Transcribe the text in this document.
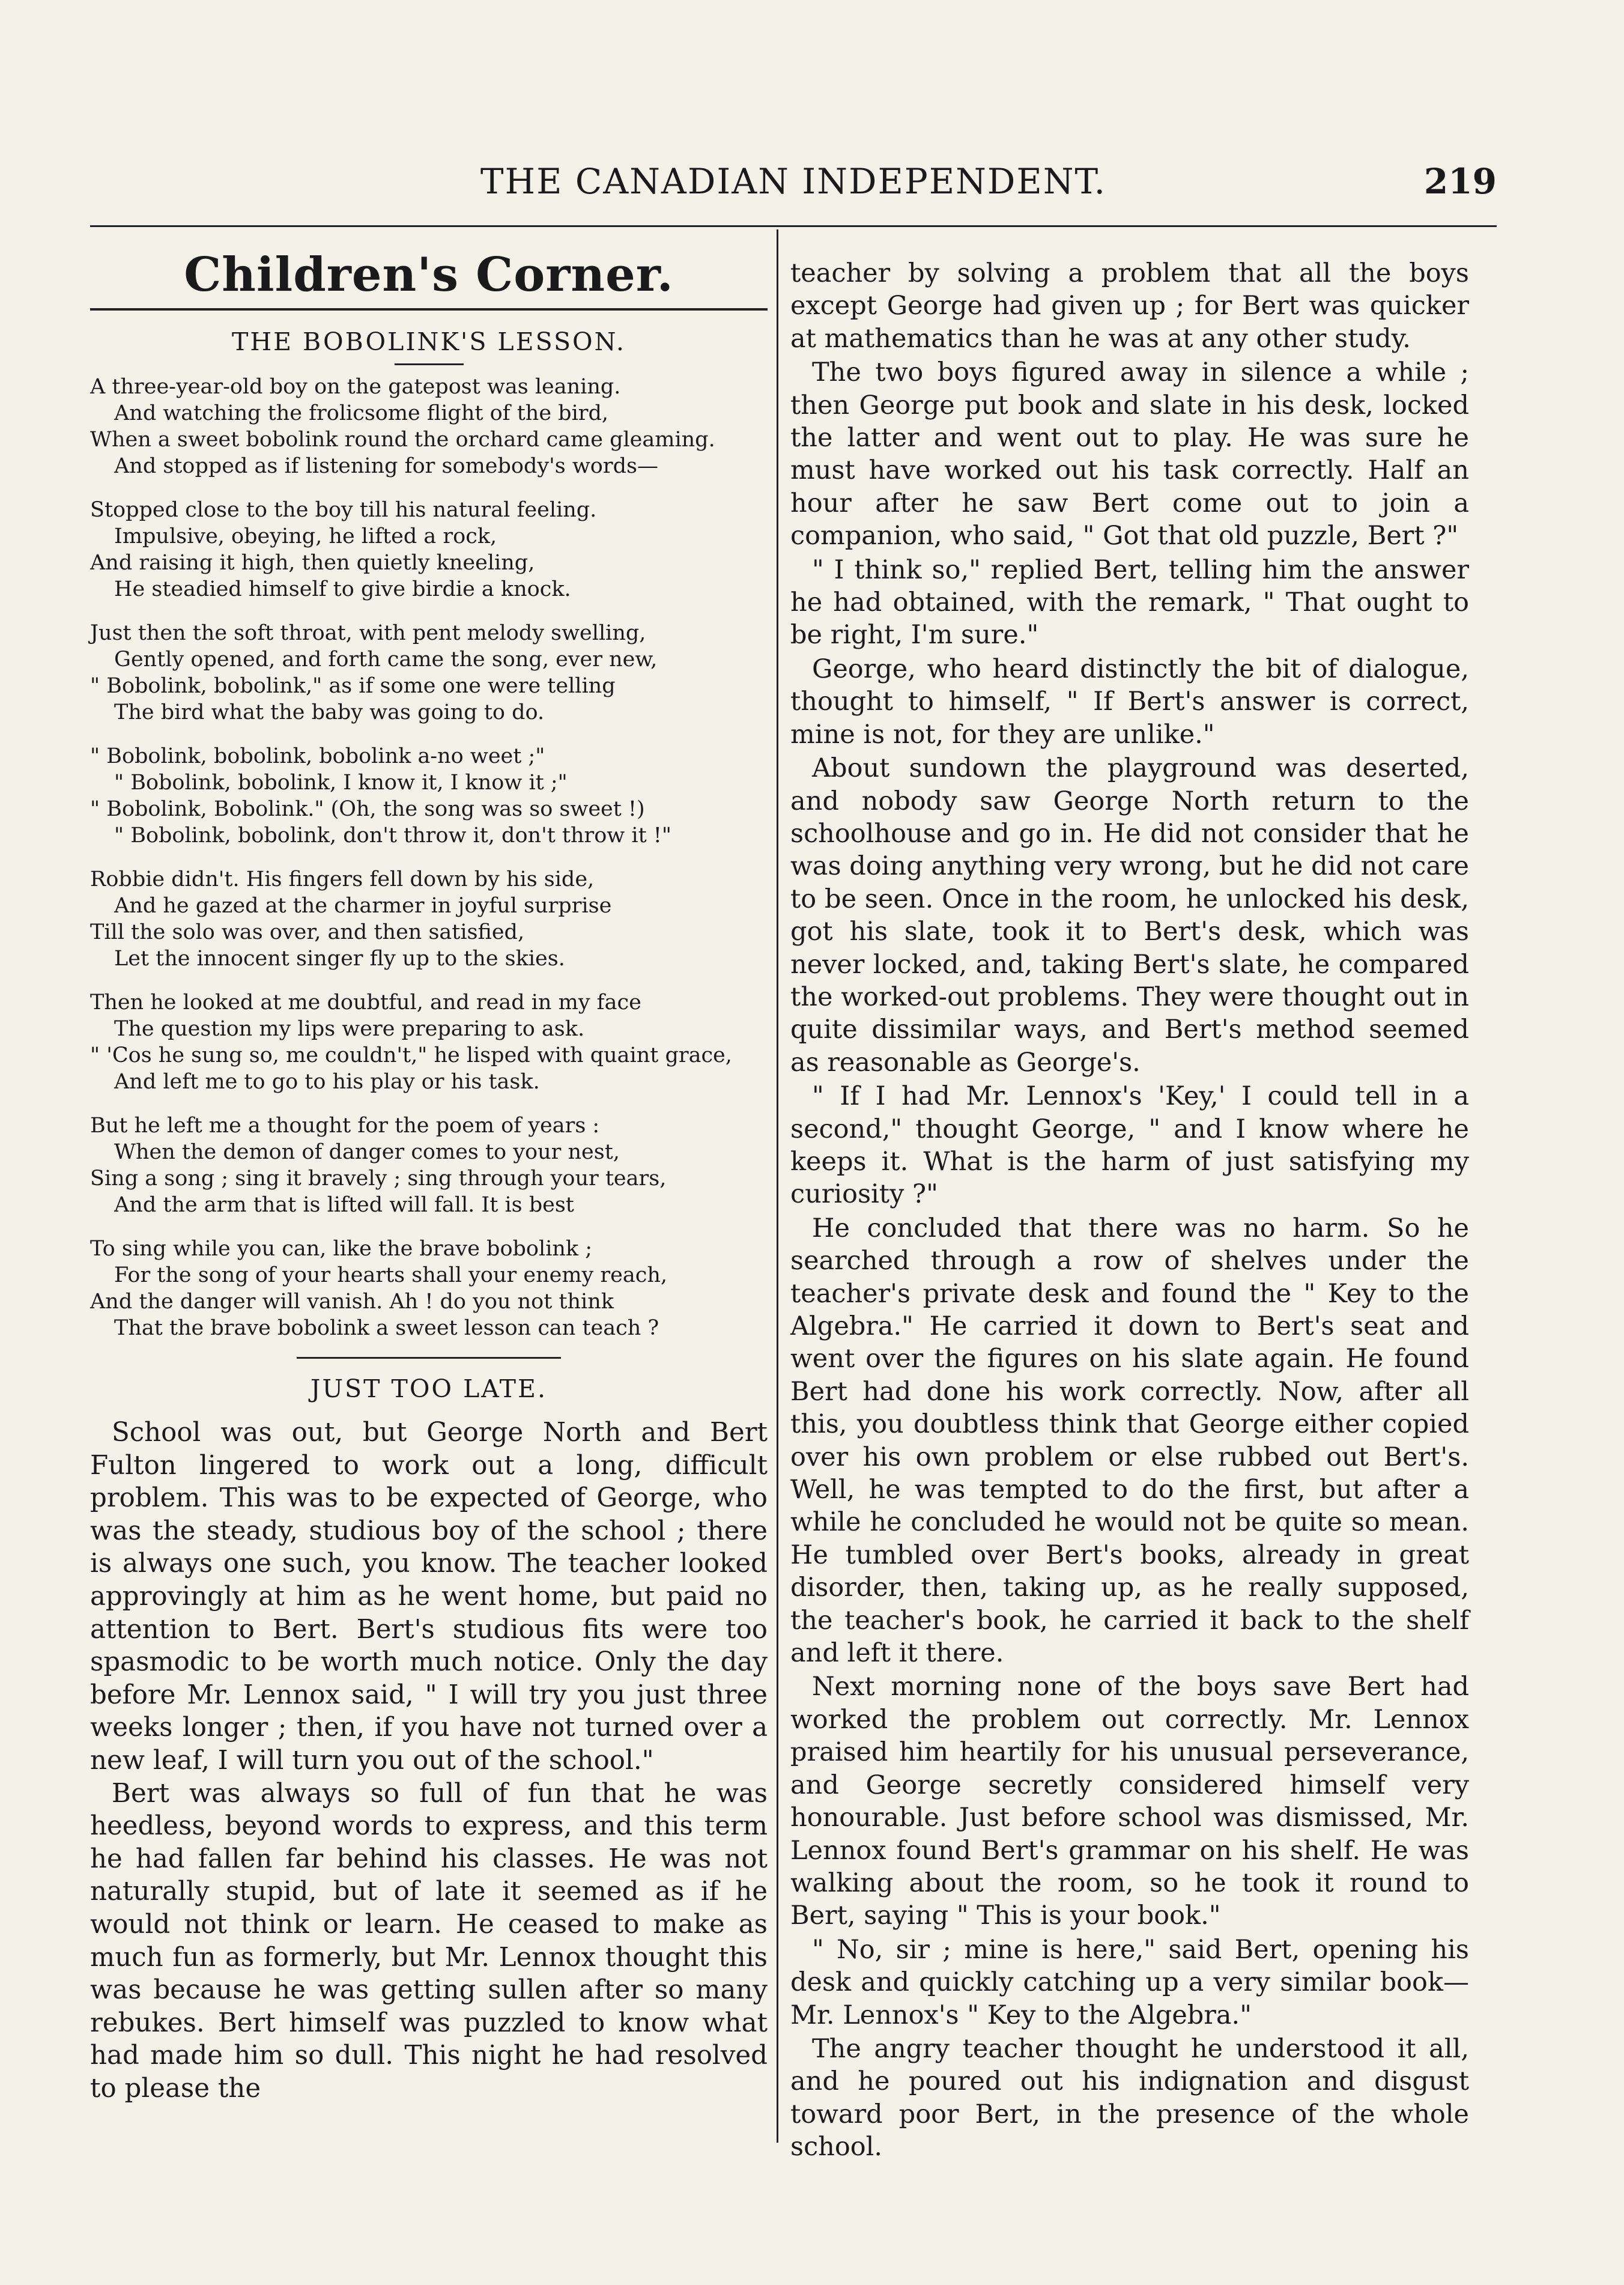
THE CANADIAN INDEPENDENT.	219
Children's Corner.
THE BOBOLINK'S LESSON.
A three-year-old boy on the gatepost was leaning.
And watching the frolicsome flight of the bird,
When a sweet bobolink round the orchard came gleaming.
And stopped as if listening for somebody's words—
Stopped close to the boy till his natural feeling.
Impulsive, obeying, he lifted a rock,
And raising it high, then quietly kneeling,
He steadied himself to give birdie a knock.
Just then the soft throat, with pent melody swelling,
Gently opened, and forth came the song, ever new,
" Bobolink, bobolink," as if some one were telling
The bird what the baby was going to do.
" Bobolink, bobolink, bobolink a-no weet ;"
" Bobolink, bobolink, I know it, I know it ;"
" Bobolink, Bobolink." (Oh, the song was so sweet !)
" Bobolink, bobolink, don't throw it, don't throw it !"
Robbie didn't. His fingers fell down by his side,
And he gazed at the charmer in joyful surprise
Till the solo was over, and then satisfied,
Let the innocent singer fly up to the skies.
Then he looked at me doubtful, and read in my face
The question my lips were preparing to ask.
" 'Cos he sung so, me couldn't," he lisped with quaint grace,
And left me to go to his play or his task.
But he left me a thought for the poem of years :
When the demon of danger comes to your nest,
Sing a song ; sing it bravely ; sing through your tears,
And the arm that is lifted will fall. It is best
To sing while you can, like the brave bobolink ;
For the song of your hearts shall your enemy reach,
And the danger will vanish. Ah ! do you not think
That the brave bobolink a sweet lesson can teach ?
JUST TOO LATE.

School was out, but George North and Bert Fulton lingered to work out a long, difficult problem. This was to be expected of George, who was the steady, studious boy of the school ; there is always one such, you know. The teacher looked approvingly at him as he went home, but paid no attention to Bert. Bert's studious fits were too spasmodic to be worth much notice. Only the day before Mr. Lennox said, " I will try you just three weeks longer ; then, if you have not turned over a new leaf, I will turn you out of the school."

Bert was always so full of fun that he was heedless, beyond words to express, and this term he had fallen far behind his classes. He was not naturally stupid, but of late it seemed as if he would not think or learn. He ceased to make as much fun as formerly, but Mr. Lennox thought this was because he was getting sullen after so many rebukes. Bert himself was puzzled to know what had made him so dull. This night he had resolved to please the

teacher by solving a problem that all the boys except George had given up ; for Bert was quicker at mathematics than he was at any other study.

The two boys figured away in silence a while ; then George put book and slate in his desk, locked the latter and went out to play. He was sure he must have worked out his task correctly. Half an hour after he saw Bert come out to join a companion, who said, " Got that old puzzle, Bert ?"

" I think so," replied Bert, telling him the answer he had obtained, with the remark, " That ought to be right, I'm sure."

George, who heard distinctly the bit of dialogue, thought to himself, " If Bert's answer is correct, mine is not, for they are unlike."

About sundown the playground was deserted, and nobody saw George North return to the schoolhouse and go in. He did not consider that he was doing anything very wrong, but he did not care to be seen. Once in the room, he unlocked his desk, got his slate, took it to Bert's desk, which was never locked, and, taking Bert's slate, he compared the worked-out problems. They were thought out in quite dissimilar ways, and Bert's method seemed as reasonable as George's.

" If I had Mr. Lennox's 'Key,' I could tell in a second," thought George, " and I know where he keeps it. What is the harm of just satisfying my curiosity ?"

He concluded that there was no harm. So he searched through a row of shelves under the teacher's private desk and found the " Key to the Algebra." He carried it down to Bert's seat and went over the figures on his slate again. He found Bert had done his work correctly. Now, after all this, you doubtless think that George either copied over his own problem or else rubbed out Bert's. Well, he was tempted to do the first, but after a while he concluded he would not be quite so mean. He tumbled over Bert's books, already in great disorder, then, taking up, as he really supposed, the teacher's book, he carried it back to the shelf and left it there.

Next morning none of the boys save Bert had worked the problem out correctly. Mr. Lennox praised him heartily for his unusual perseverance, and George secretly considered himself very honourable. Just before school was dismissed, Mr. Lennox found Bert's grammar on his shelf. He was walking about the room, so he took it round to Bert, saying " This is your book."

" No, sir ; mine is here," said Bert, opening his desk and quickly catching up a very similar book— Mr. Lennox's " Key to the Algebra."

The angry teacher thought he understood it all, and he poured out his indignation and disgust toward poor Bert, in the presence of the whole school.
